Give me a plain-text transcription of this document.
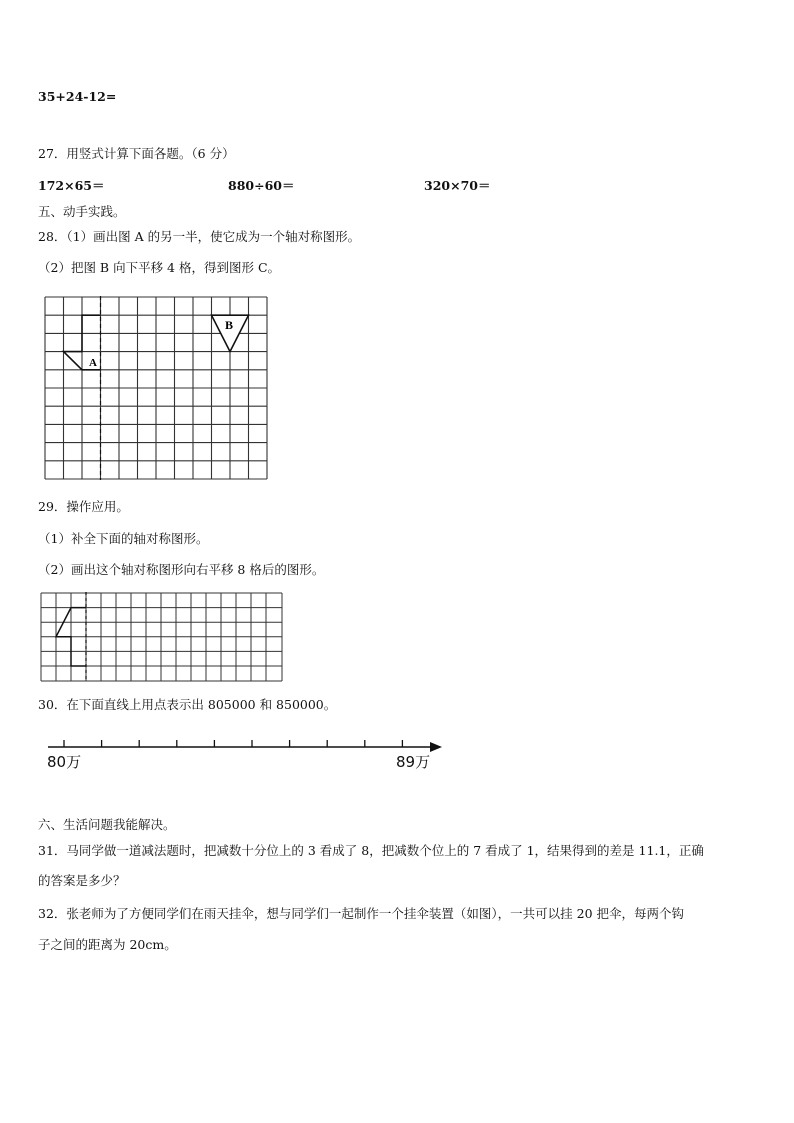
35+24-12=
27．用竖式计算下面各题。（6 分）
172×65＝	880÷60＝	320×70＝
五、动手实践。
28．（1）画出图 A 的另一半，使它成为一个轴对称图形。
（2）把图 B 向下平移 4 格，得到图形 C。
A
B
29．操作应用。
（1）补全下面的轴对称图形。
（2）画出这个轴对称图形向右平移 8 格后的图形。
30．在下面直线上用点表示出 805000 和 850000。
80万	89万
六、生活问题我能解决。
31．马同学做一道减法题时，把减数十分位上的 3 看成了 8，把减数个位上的 7 看成了 1，结果得到的差是 11.1，正确
的答案是多少？
32．张老师为了方便同学们在雨天挂伞，想与同学们一起制作一个挂伞装置（如图），一共可以挂 20 把伞，每两个钩
子之间的距离为 20cm。
